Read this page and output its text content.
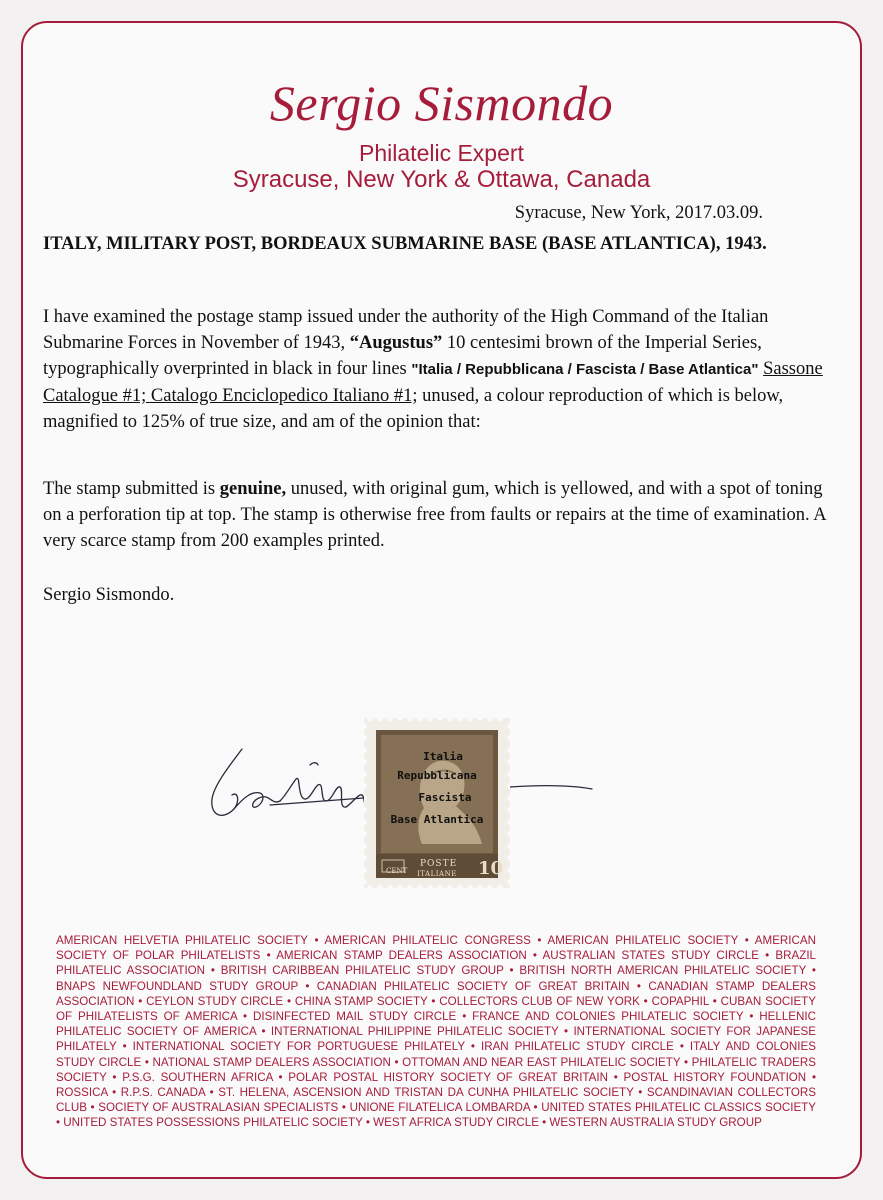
Sergio Sismondo
Philatelic Expert
Syracuse, New York & Ottawa, Canada
Syracuse, New York, 2017.03.09.
ITALY, MILITARY POST, BORDEAUX SUBMARINE BASE (BASE ATLANTICA), 1943.
I have examined the postage stamp issued under the authority of the High Command of the Italian Submarine Forces in November of 1943, “Augustus” 10 centesimi brown of the Imperial Series, typographically overprinted in black in four lines "Italia / Repubblicana / Fascista / Base Atlantica" Sassone Catalogue #1; Catalogo Enciclopedico Italiano #1; unused, a colour reproduction of which is below, magnified to 125% of true size, and am of the opinion that:
The stamp submitted is genuine, unused, with original gum, which is yellowed, and with a spot of toning on a perforation tip at top. The stamp is otherwise free from faults or repairs at the time of examination. A very scarce stamp from 200 examples printed.
Sergio Sismondo.
Italia
Repubblicana
Fascista
Base Atlantica
CENT
POSTE
ITALIANE 10
AMERICAN HELVETIA PHILATELIC SOCIETY • AMERICAN PHILATELIC CONGRESS • AMERICAN PHILATELIC SOCIETY • AMERICAN SOCIETY OF POLAR PHILATELISTS • AMERICAN STAMP DEALERS ASSOCIATION • AUSTRALIAN STATES STUDY CIRCLE • BRAZIL PHILATELIC ASSOCIATION • BRITISH CARIBBEAN PHILATELIC STUDY GROUP • BRITISH NORTH AMERICAN PHILATELIC SOCIETY • BNAPS NEWFOUNDLAND STUDY GROUP • CANADIAN PHILATELIC SOCIETY OF GREAT BRITAIN • CANADIAN STAMP DEALERS ASSOCIATION • CEYLON STUDY CIRCLE • CHINA STAMP SOCIETY • COLLECTORS CLUB OF NEW YORK • COPAPHIL • CUBAN SOCIETY OF PHILATELISTS OF AMERICA • DISINFECTED MAIL STUDY CIRCLE • FRANCE AND COLONIES PHILATELIC SOCIETY • HELLENIC PHILATELIC SOCIETY OF AMERICA • INTERNATIONAL PHILIPPINE PHILATELIC SOCIETY • INTERNATIONAL SOCIETY FOR JAPANESE PHILATELY • INTERNATIONAL SOCIETY FOR PORTUGUESE PHILATELY • IRAN PHILATELIC STUDY CIRCLE • ITALY AND COLONIES STUDY CIRCLE • NATIONAL STAMP DEALERS ASSOCIATION • OTTOMAN AND NEAR EAST PHILATELIC SOCIETY • PHILATELIC TRADERS SOCIETY • P.S.G. SOUTHERN AFRICA • POLAR POSTAL HISTORY SOCIETY OF GREAT BRITAIN • POSTAL HISTORY FOUNDATION • ROSSICA • R.P.S. CANADA • ST. HELENA, ASCENSION AND TRISTAN DA CUNHA PHILATELIC SOCIETY • SCANDINAVIAN COLLECTORS CLUB • SOCIETY OF AUSTRALASIAN SPECIALISTS • UNIONE FILATELICA LOMBARDA • UNITED STATES PHILATELIC CLASSICS SOCIETY • UNITED STATES POSSESSIONS PHILATELIC SOCIETY • WEST AFRICA STUDY CIRCLE • WESTERN AUSTRALIA STUDY GROUP
